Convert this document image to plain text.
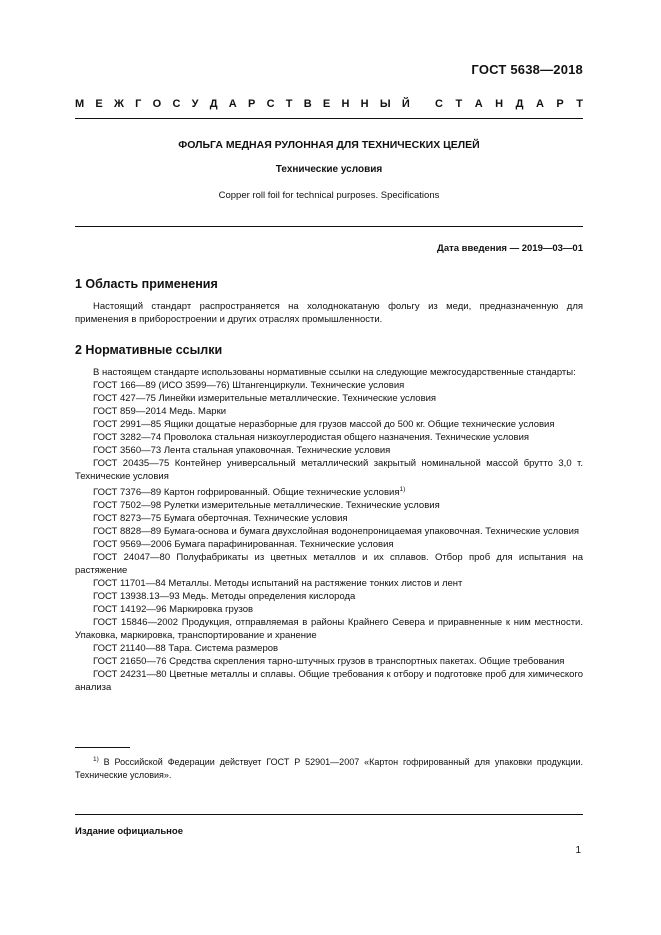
ГОСТ 5638—2018
М Е Ж Г О С У Д А Р С Т В Е Н Н Ы Й С Т А Н Д А Р Т
ФОЛЬГА МЕДНАЯ РУЛОННАЯ ДЛЯ ТЕХНИЧЕСКИХ ЦЕЛЕЙ
Технические условия
Copper roll foil for technical purposes. Specifications
Дата введения — 2019—03—01
1 Область применения

Настоящий стандарт распространяется на холоднокатаную фольгу из меди, предназначенную для применения в приборостроении и других отраслях промышленности.

2 Нормативные ссылки

В настоящем стандарте использованы нормативные ссылки на следующие межгосударственные стандарты:

ГОСТ 166—89 (ИСО 3599—76) Штангенциркули. Технические условия

ГОСТ 427—75 Линейки измерительные металлические. Технические условия

ГОСТ 859—2014 Медь. Марки

ГОСТ 2991—85 Ящики дощатые неразборные для грузов массой до 500 кг. Общие технические условия

ГОСТ 3282—74 Проволока стальная низкоуглеродистая общего назначения. Технические условия

ГОСТ 3560—73 Лента стальная упаковочная. Технические условия

ГОСТ 20435—75 Контейнер универсальный металлический закрытый номинальной массой брутто 3,0 т. Технические условия

ГОСТ 7376—89 Картон гофрированный. Общие технические условия$^{1)}$

ГОСТ 7502—98 Рулетки измерительные металлические. Технические условия

ГОСТ 8273—75 Бумага оберточная. Технические условия

ГОСТ 8828—89 Бумага-основа и бумага двухслойная водонепроницаемая упаковочная. Технические условия

ГОСТ 9569—2006 Бумага парафинированная. Технические условия

ГОСТ 24047—80 Полуфабрикаты из цветных металлов и их сплавов. Отбор проб для испытания на растяжение

ГОСТ 11701—84 Металлы. Методы испытаний на растяжение тонких листов и лент

ГОСТ 13938.13—93 Медь. Методы определения кислорода

ГОСТ 14192—96 Маркировка грузов

ГОСТ 15846—2002 Продукция, отправляемая в районы Крайнего Севера и приравненные к ним местности. Упаковка, маркировка, транспортирование и хранение

ГОСТ 21140—88 Тара. Система размеров

ГОСТ 21650—76 Средства скрепления тарно-штучных грузов в транспортных пакетах. Общие требования

ГОСТ 24231—80 Цветные металлы и сплавы. Общие требования к отбору и подготовке проб для химического анализа

$^{1)}$ В Российской Федерации действует ГОСТ Р 52901—2007 «Картон гофрированный для упаковки продукции. Технические условия».
Издание официальное
1
